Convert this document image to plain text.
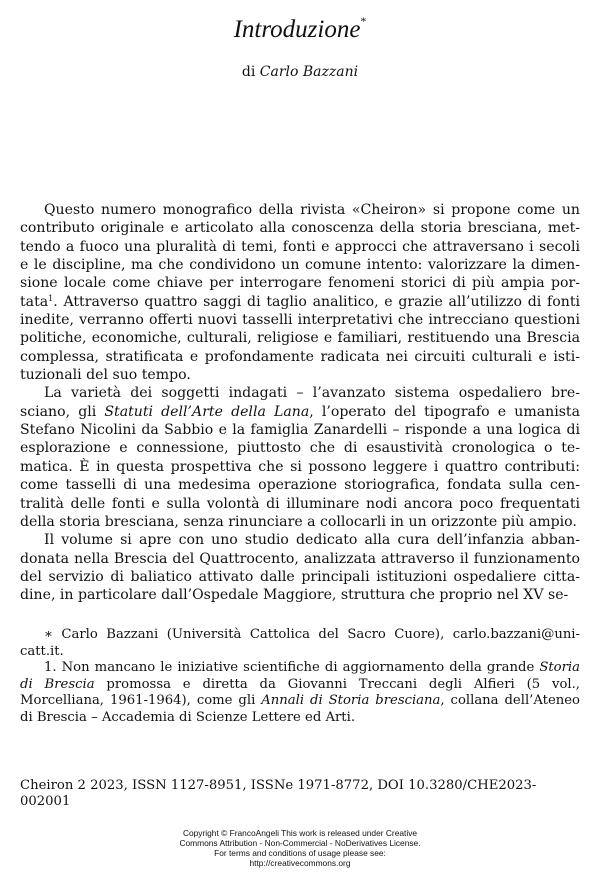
Introduzione*
di Carlo Bazzani

Questo numero monografico della rivista «Cheiron» si propone come un contributo originale e articolato alla conoscenza della storia bresciana, mettendo a fuoco una pluralità di temi, fonti e approcci che attraversano i secoli e le discipline, ma che condividono un comune intento: valorizzare la dimensione locale come chiave per interrogare fenomeni storici di più ampia portata$^1$. Attraverso quattro saggi di taglio analitico, e grazie all’utilizzo di fonti inedite, verranno offerti nuovi tasselli interpretativi che intrecciano questioni politiche, economiche, culturali, religiose e familiari, restituendo una Brescia complessa, stratificata e profondamente radicata nei circuiti culturali e istituzionali del suo tempo.

La varietà dei soggetti indagati – l’avanzato sistema ospedaliero bresciano, gli Statuti dell’Arte della Lana, l’operato del tipografo e umanista Stefano Nicolini da Sabbio e la famiglia Zanardelli – risponde a una logica di esplorazione e connessione, piuttosto che di esaustività cronologica o tematica. È in questa prospettiva che si possono leggere i quattro contributi: come tasselli di una medesima operazione storiografica, fondata sulla centralità delle fonti e sulla volontà di illuminare nodi ancora poco frequentati della storia bresciana, senza rinunciare a collocarli in un orizzonte più ampio.

Il volume si apre con uno studio dedicato alla cura dell’infanzia abbandonata nella Brescia del Quattrocento, analizzata attraverso il funzionamento del servizio di baliatico attivato dalle principali istituzioni ospedaliere cittadine, in particolare dall’Ospedale Maggiore, struttura che proprio nel XV se-

∗ Carlo Bazzani (Università Cattolica del Sacro Cuore), carlo.bazzani@unicatt.it.

1. Non mancano le iniziative scientifiche di aggiornamento della grande Storia di Brescia promossa e diretta da Giovanni Treccani degli Alfieri (5 vol., Morcelliana, 1961-1964), come gli Annali di Storia bresciana, collana dell’Ateneo di Brescia – Accademia di Scienze Lettere ed Arti.

Cheiron 2 2023, ISSN 1127-8951, ISSNe 1971-8772, DOI 10.3280/CHE2023-002001
Copyright © FrancoAngeli This work is released under Creative
Commons Attribution - Non-Commercial - NoDerivatives License.
For terms and conditions of usage please see:
http://creativecommons.org
